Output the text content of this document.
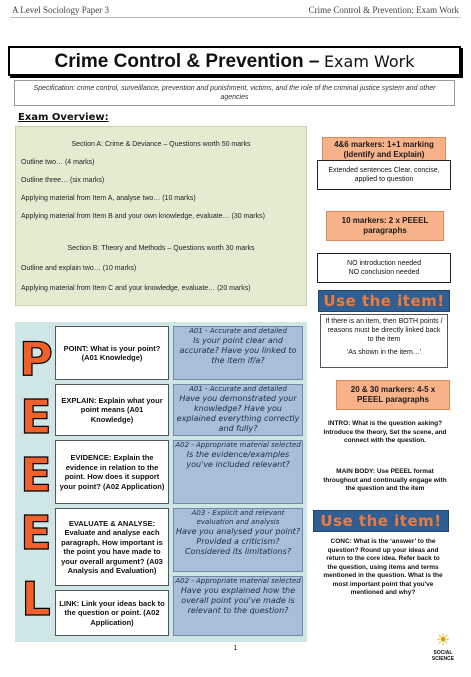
A Level Sociology Paper 3	Crime Control & Prevention: Exam Work
Crime Control & Prevention – Exam Work
Specification: crime control, surveillance, prevention and punishment, victims, and the role of the criminal justice system and other agencies
Exam Overview:

Section A: Crime & Deviance – Questions worth 50 marks

Outline two… (4 marks)

Outline three… (six marks)

Applying material from Item A, analyse two… (10 marks)

Applying material from Item B and your own knowledge, evaluate… (30 marks)

Section B: Theory and Methods – Questions worth 30 marks

Outline and explain two… (10 marks)

Applying material from Item C and your knowledge, evaluate… (20 marks)

4&6 markers: 1+1 marking (Identify and Explain)
Extended sentences Clear, concise, applied to question
10 markers: 2 x PEEEL paragraphs
NO introduction needed
NO conclusion needed
Use the item!
If there is an item, then BOTH points / reasons must be directly linked back to the item
‘As shown in the item…’
20 & 30 markers: 4-5 x PEEEL paragraphs
INTRO: What is the question asking? Introduce the theory, Set the scene, and connect with the question.
MAIN BODY: Use PEEEL format throughout and continually engage with the question and the item
Use the item!
CONC: What is the ‘answer’ to the question? Round up your ideas and return to the core idea. Refer back to the question, using items and terms mentioned in the question. What is the most important point that you've mentioned and why?
P
E
E
E
L
POINT: What is your point? (A01 Knowledge)
EXPLAIN: Explain what your point means (A01 Knowledge)
EVIDENCE: Explain the evidence in relation to the point. How does it support your point? (A02 Application)
EVALUATE & ANALYSE: Evaluate and analyse each paragraph. How important is the point you have made to your overall argument? (A03 Analysis and Evaluation)
LINK: Link your ideas back to the question or point. (A02 Application)
A01 - Accurate and detailed
Is your point clear and accurate? Have you linked to the item if/a?
A01 - Accurate and detailed
Have you demonstrated your knowledge? Have you explained everything correctly and fully?
A02 - Appropriate material selected
Is the evidence/examples you've included relevant?
A03 - Explicit and relevant evaluation and analysis
Have you analysed your point? Provided a criticism? Considered its limitations?
A02 - Appropriate material selected
Have you explained how the overall point you've made is relevant to the question?
1	☀
SOCIAL
SCIENCE
